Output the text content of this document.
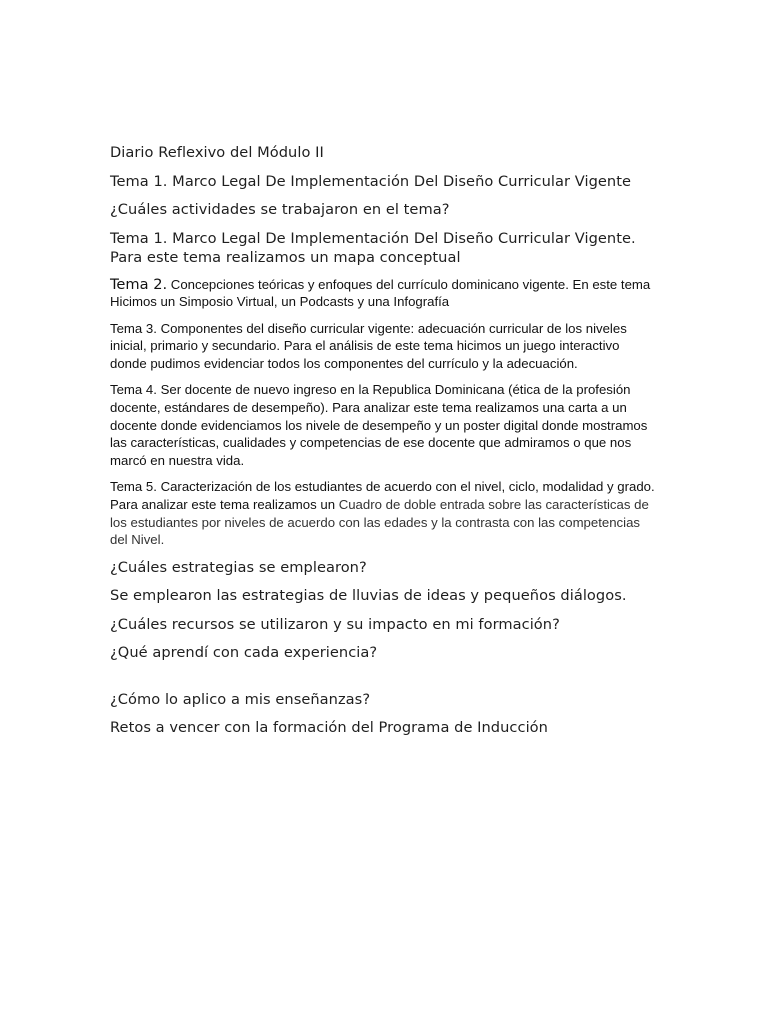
Diario Reflexivo del Módulo II

Tema 1. Marco Legal De Implementación Del Diseño Curricular Vigente

¿Cuáles actividades se trabajaron en el tema?

Tema 1. Marco Legal De Implementación Del Diseño Curricular Vigente. Para este tema realizamos un mapa conceptual

Tema 2. Concepciones teóricas y enfoques del currículo dominicano vigente. En este tema Hicimos un Simposio Virtual, un Podcasts y una Infografía

Tema 3. Componentes del diseño curricular vigente: adecuación curricular de los niveles inicial, primario y secundario. Para el análisis de este tema hicimos un juego interactivo donde pudimos evidenciar todos los componentes del currículo y la adecuación.

Tema 4. Ser docente de nuevo ingreso en la Republica Dominicana (ética de la profesión docente, estándares de desempeño). Para analizar este tema realizamos una carta a un docente donde evidenciamos los nivele de desempeño y un poster digital donde mostramos las características, cualidades y competencias de ese docente que admiramos o que nos marcó en nuestra vida.

Tema 5. Caracterización de los estudiantes de acuerdo con el nivel, ciclo, modalidad y grado. Para analizar este tema realizamos un Cuadro de doble entrada sobre las características de los estudiantes por niveles de acuerdo con las edades y la contrasta con las competencias del Nivel.

¿Cuáles estrategias se emplearon?

Se emplearon las estrategias de lluvias de ideas y pequeños diálogos.

¿Cuáles recursos se utilizaron y su impacto en mi formación?

¿Qué aprendí con cada experiencia?

¿Cómo lo aplico a mis enseñanzas?

Retos a vencer con la formación del Programa de Inducción
